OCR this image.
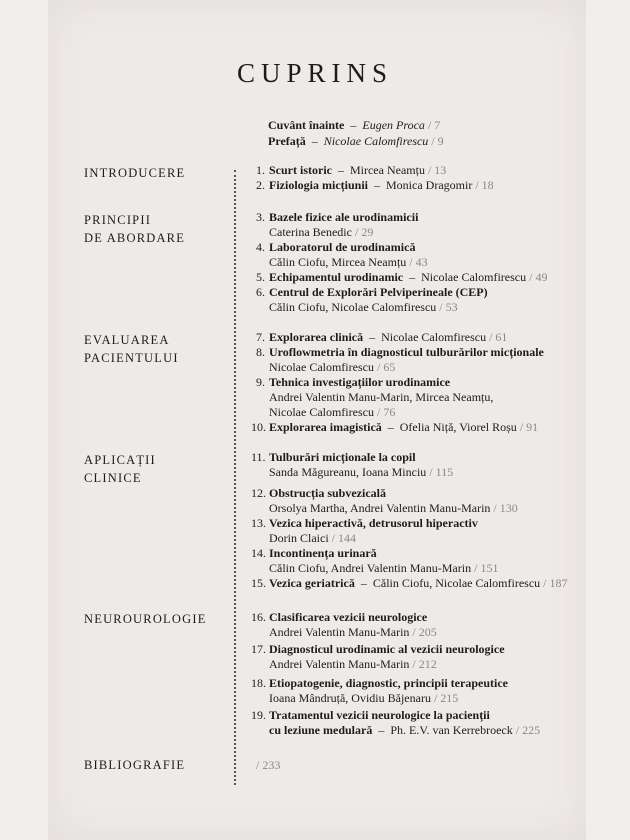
CUPRINS
Cuvânt înainte – Eugen Proca / 7
Prefață – Nicolae Calomfirescu / 9
INTRODUCERE
PRINCIPII
DE ABORDARE
EVALUAREA
PACIENTULUI
APLICAȚII
CLINICE
NEUROUROLOGIE
BIBLIOGRAFIE	/ 233
1. Scurt istoric – Mircea Neamțu / 13
2. Fiziologia micțiunii – Monica Dragomir / 18
3. Bazele fizice ale urodinamicii
Caterina Benedic / 29
4. Laboratorul de urodinamică
Călin Ciofu, Mircea Neamțu / 43
5. Echipamentul urodinamic – Nicolae Calomfirescu / 49
6. Centrul de Explorări Pelviperineale (CEP)
Călin Ciofu, Nicolae Calomfirescu / 53
7. Explorarea clinică – Nicolae Calomfirescu / 61
8. Uroflowmetria în diagnosticul tulburărilor micționale
Nicolae Calomfirescu / 65
9. Tehnica investigațiilor urodinamice
Andrei Valentin Manu-Marin, Mircea Neamțu,
Nicolae Calomfirescu / 76
10. Explorarea imagistică – Ofelia Niță, Viorel Roșu / 91
11. Tulburări micționale la copil
Sanda Măgureanu, Ioana Minciu / 115
12. Obstrucția subvezicală
Orsolya Martha, Andrei Valentin Manu-Marin / 130
13. Vezica hiperactivă, detrusorul hiperactiv
Dorin Claici / 144
14. Incontinența urinară
Călin Ciofu, Andrei Valentin Manu-Marin / 151
15. Vezica geriatrică – Călin Ciofu, Nicolae Calomfirescu / 187
16. Clasificarea vezicii neurologice
Andrei Valentin Manu-Marin / 205
17. Diagnosticul urodinamic al vezicii neurologice
Andrei Valentin Manu-Marin / 212
18. Etiopatogenie, diagnostic, principii terapeutice
Ioana Mândruță, Ovidiu Băjenaru / 215
19. Tratamentul vezicii neurologice la pacienții
cu leziune medulară – Ph. E.V. van Kerrebroeck / 225
